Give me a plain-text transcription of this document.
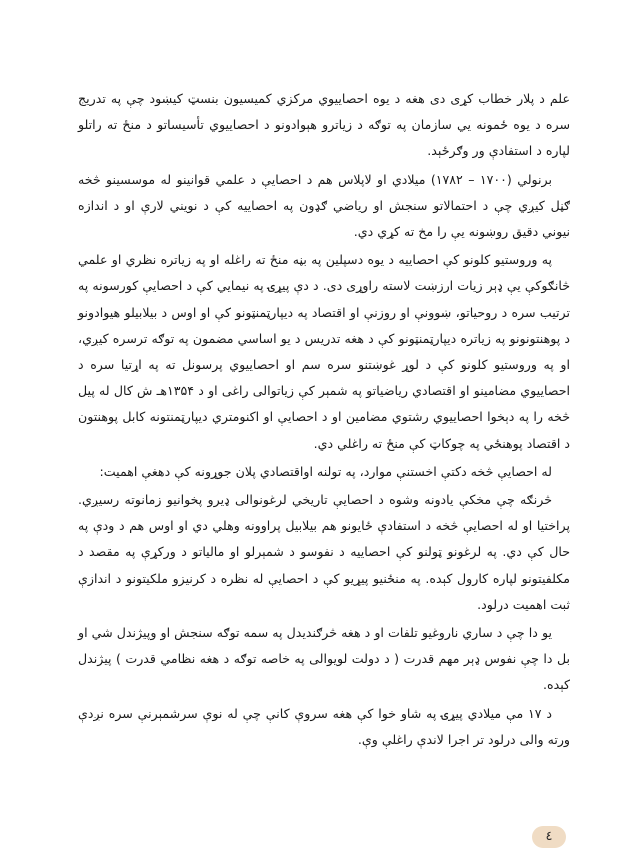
علم د پلار خطاب کړی دی هغه د یوه احصاییوي مرکزي کمیسیون بنسټ کیښود چې په تدریج سره د یوه ځمونه یي سازمان په توګه د زیاترو هېوادونو د احصاییوي تأسیساتو د منځ ته راتلو لپاره د استفادې ور وګرځېد.

برنولي (۱۷۰۰ – ۱۷۸۲) میلادي او لاپلاس هم د احصایې د علمي قوانینو له موسسینو څخه ګڼل کیږي چې د احتمالاتو سنجش او ریاضي ګډون په احصاییه کې د نویني لارې او د اندازه نیوني دقیق روښونه یې را مخ ته کړي دي.

په وروستیو کلونو کې احصاییه د یوه دسپلین په بڼه منځ ته راغله او په زیاتره نظري او علمي څانګوکې یې ډېر زیات ارزښت لاسته راوړی دی. د دې پیړۍ په نیمایي کې د احصایې کورسونه په ترتیب سره د روحیاتو، ښوونې او روزنې او اقتصاد په دیپارټمنټونو کې او اوس د بیلابیلو هیوادونو د پوهنتونونو په زیاتره دیپارټمنټونو کې د هغه تدریس د یو اساسي مضمون په توګه ترسره کیږي، او په وروستیو کلونو کې د لوړ غوښتنو سره سم او احصاییوي پرسونل ته په اړتیا سره د احصاییوي مضامینو او اقتصادي ریاضیاتو په شمېر کې زیاتوالی راغی او د ۱۳۵۴هـ ش کال له پیل څخه را په دېخوا احصاییوي رشتوي مضامین او د احصایې او اکنومتري دیپارټمنتونه کابل پوهنتون د اقتصاد پوهنځي په چوکاټ کې منځ ته راغلي دي.

له احصایې څخه دکتې اخستنې موارد، په تولنه اواقتصادي پلان جوړونه کې دهغې اهمیت:

څرنګه چې مخکې یادونه وشوه د احصایې تاریخي لرغونوالی ډیرو پخوانیو زمانوته رسیږي. پراختیا او له احصایې څخه د استفادې ځایونو هم بیلابیل پراوونه وهلي دي او اوس هم د ودې په حال کې دي. په لرغونو ټولنو کې احصاییه د نفوسو د شمېرلو او مالیاتو د ورکړې په مقصد د مکلفیتونو لپاره کارول کېده. په منځنیو پیړیو کې د احصایې له نظره د کرنیزو ملکیتونو د اندازې ثبت اهمیت درلود.

یو دا چې د ساري ناروغیو تلفات او د هغه څرګندیدل په سمه توګه سنجش او وپیژندل شي او بل دا چې نفوس ډېر مهم قدرت ( د دولت لویوالی په خاصه توګه د هغه نظامي قدرت ) پیژندل کېده.

د ۱۷ مې میلادي پیړۍ په شاو خوا کې هغه سروې کانې چې له نوې سرشمېرنې سره نږدې ورته والی درلود تر اجرا لاندې راغلې وې.

٤
